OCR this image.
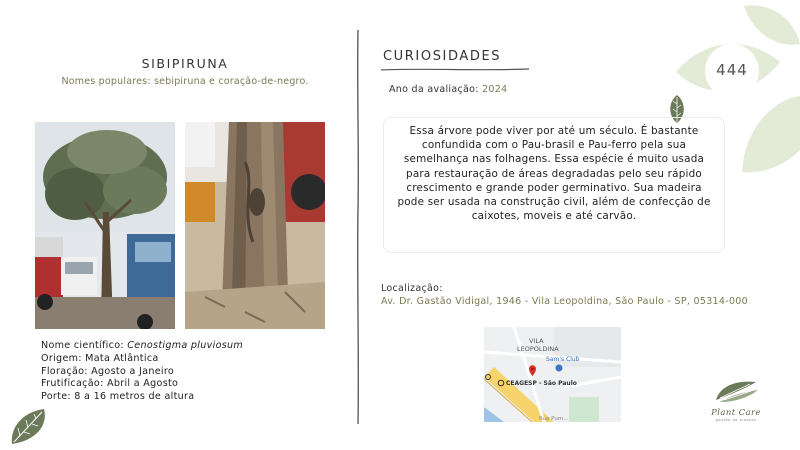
444
SIBIPIRUNA
Nomes populares: sebipiruna e coração-de-negro.
Nome científico: Cenostigma pluviosum
Origem: Mata Atlântica
Floração: Agosto a Janeiro
Frutificação: Abril a Agosto
Porte: 8 a 16 metros de altura
CURIOSIDADES
Ano da avaliação: 2024
Essa árvore pode viver por até um século. É bastante confundida com o Pau-brasil e Pau-ferro pela sua semelhança nas folhagens. Essa espécie é muito usada para restauração de áreas degradadas pelo seu rápido crescimento e grande poder germinativo. Sua madeira pode ser usada na construção civil, além de confecção de caixotes, moveis e até carvão.
Localização:
Av. Dr. Gastão Vidigal, 1946 - Vila Leopoldina, São Paulo - SP, 05314-000
VILA
LEOPOLDINA
Sam's Club
CEAGESP - São Paulo
Rua Pum...
Plant Care
gestão de plantas
